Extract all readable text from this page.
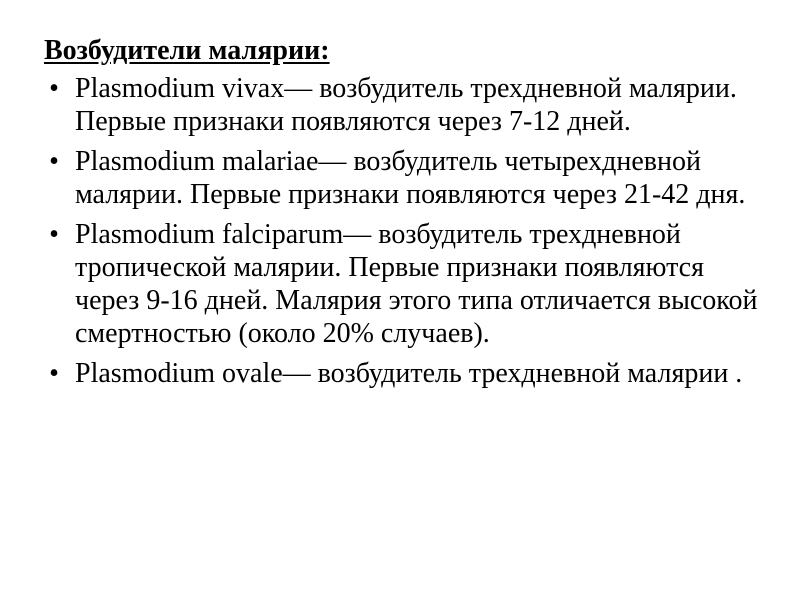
Возбудители малярии:
• Plasmodium vivax— возбудитель трехдневной малярии. Первые признаки появляются через 7-12 дней.
• Plasmodium malariae— возбудитель четырехдневной малярии. Первые признаки появляются через 21-42 дня.
• Plasmodium falciparum— возбудитель трехдневной тропической малярии. Первые признаки появляются через 9-16 дней. Малярия этого типа отличается высокой смертностью (около 20% случаев).
• Plasmodium ovale— возбудитель трехдневной малярии .
